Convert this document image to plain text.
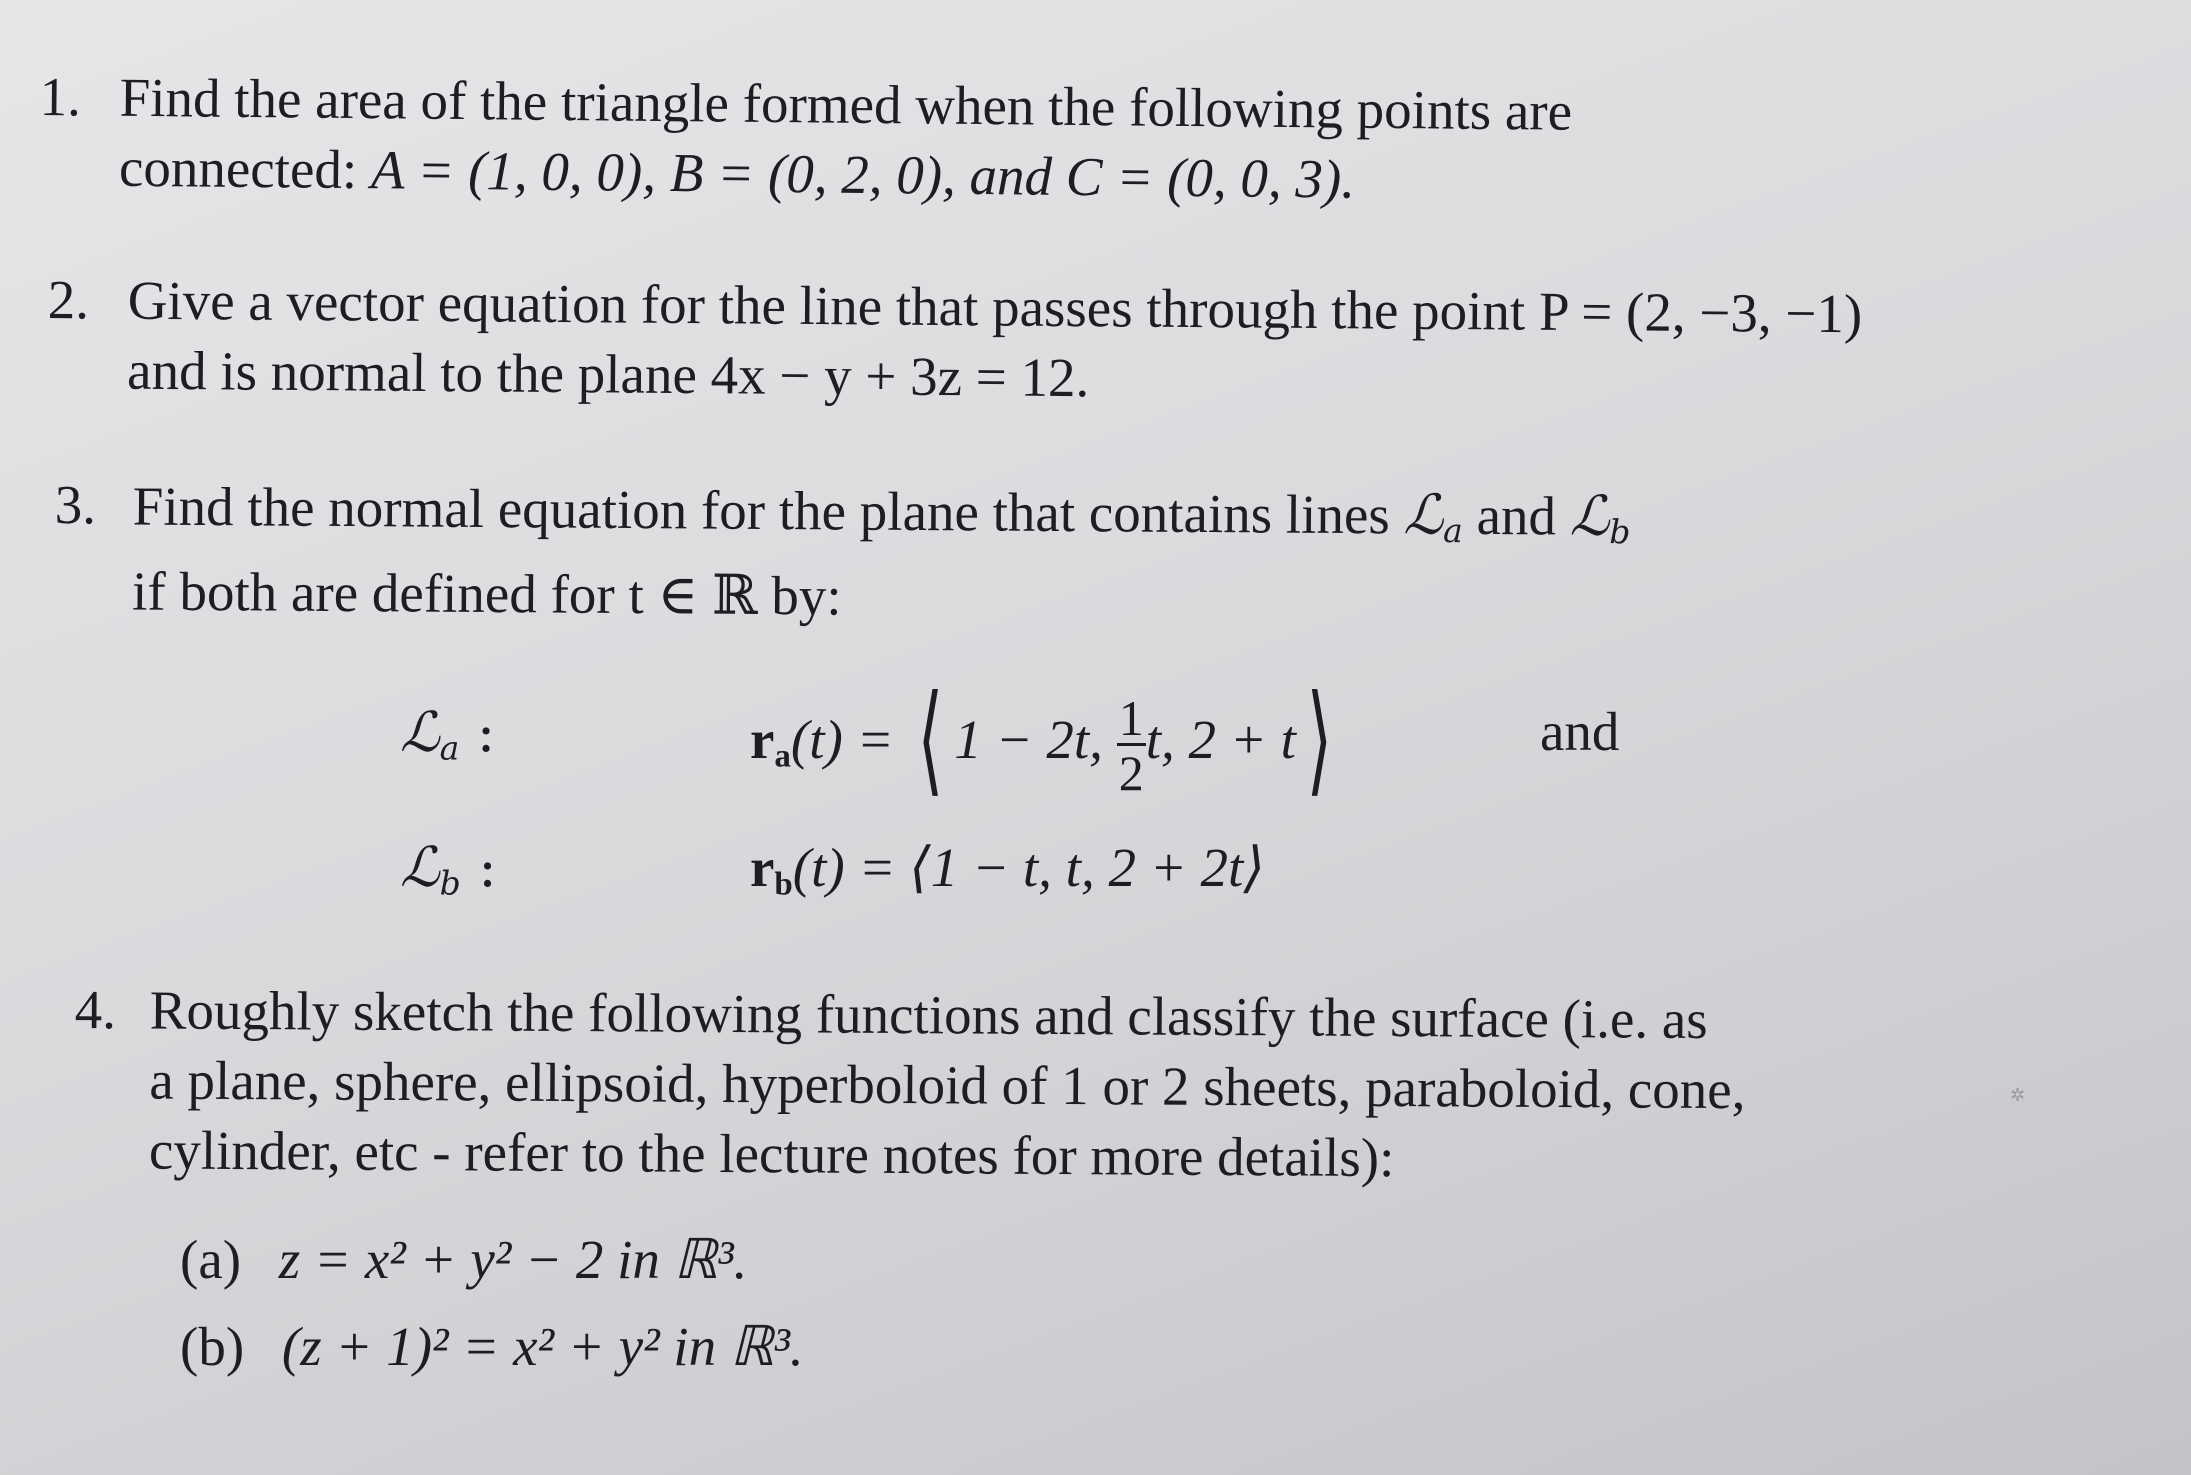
1. Find the area of the triangle formed when the following points are
connected: A = (1, 0, 0), B = (0, 2, 0), and C = (0, 0, 3).
2. Give a vector equation for the line that passes through the point P = (2, −3, −1)
and is normal to the plane 4x − y + 3z = 12.
3. Find the normal equation for the plane that contains lines ℒ$_a$ and ℒ$_b$
if both are defined for t ∈ ℝ by:
ℒ$_a$ :	$r_a(t)$ = ⟨ 1 − 2t, $\frac{1}{2} t$, 2 + t⟩	and
ℒ$_b$ :	$r_b(t)$ = ⟨1 − t, t, 2 + 2t⟩
4. Roughly sketch the following functions and classify the surface (i.e. as
a plane, sphere, ellipsoid, hyperboloid of 1 or 2 sheets, paraboloid, cone,
cylinder, etc - refer to the lecture notes for more details):
(a) z = x² + y² − 2 in ℝ³.
(b) (z + 1)² = x² + y² in ℝ³.
✲
